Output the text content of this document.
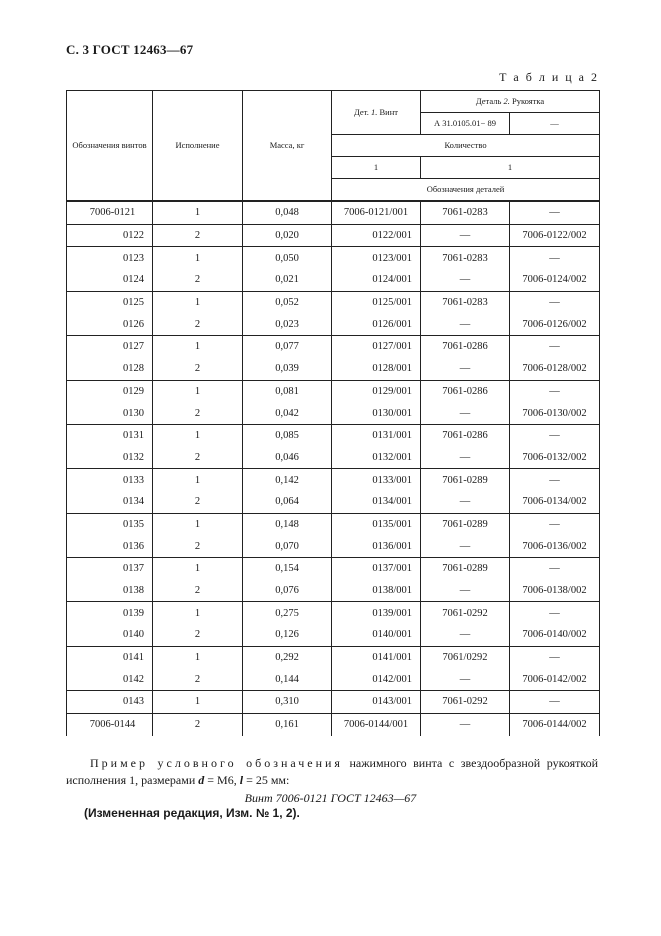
С. 3 ГОСТ 12463—67
Т а б л и ц а 2
Обозначения винтов	Исполнение	Масса, кг	Дет. 1. Винт	Деталь 2. Рукоятка	
				А 31.0105.01− 89	—
			Количество		
			1	1	
			Обозначения деталей		
7006-0121	1	0,048	7006-0121/001	7061-0283	—
0122	2	0,020	0122/001	—	7006-0122/002
0123	1	0,050	0123/001	7061-0283	—
0124	2	0,021	0124/001	—	7006-0124/002
0125	1	0,052	0125/001	7061-0283	—
0126	2	0,023	0126/001	—	7006-0126/002
0127	1	0,077	0127/001	7061-0286	—
0128	2	0,039	0128/001	—	7006-0128/002
0129	1	0,081	0129/001	7061-0286	—
0130	2	0,042	0130/001	—	7006-0130/002
0131	1	0,085	0131/001	7061-0286	—
0132	2	0,046	0132/001	—	7006-0132/002
0133	1	0,142	0133/001	7061-0289	—
0134	2	0,064	0134/001	—	7006-0134/002
0135	1	0,148	0135/001	7061-0289	—
0136	2	0,070	0136/001	—	7006-0136/002
0137	1	0,154	0137/001	7061-0289	—
0138	2	0,076	0138/001	—	7006-0138/002
0139	1	0,275	0139/001	7061-0292	—
0140	2	0,126	0140/001	—	7006-0140/002
0141	1	0,292	0141/001	7061/0292	—
0142	2	0,144	0142/001	—	7006-0142/002
0143	1	0,310	0143/001	7061-0292	—
7006-0144	2	0,161	7006-0144/001	—	7006-0144/002
Пример условного обозначения нажимного винта с звездообразной рукояткой исполнения 1, размерами d = М6, l = 25 мм:
Винт 7006-0121 ГОСТ 12463—67
(Измененная редакция, Изм. № 1, 2).
